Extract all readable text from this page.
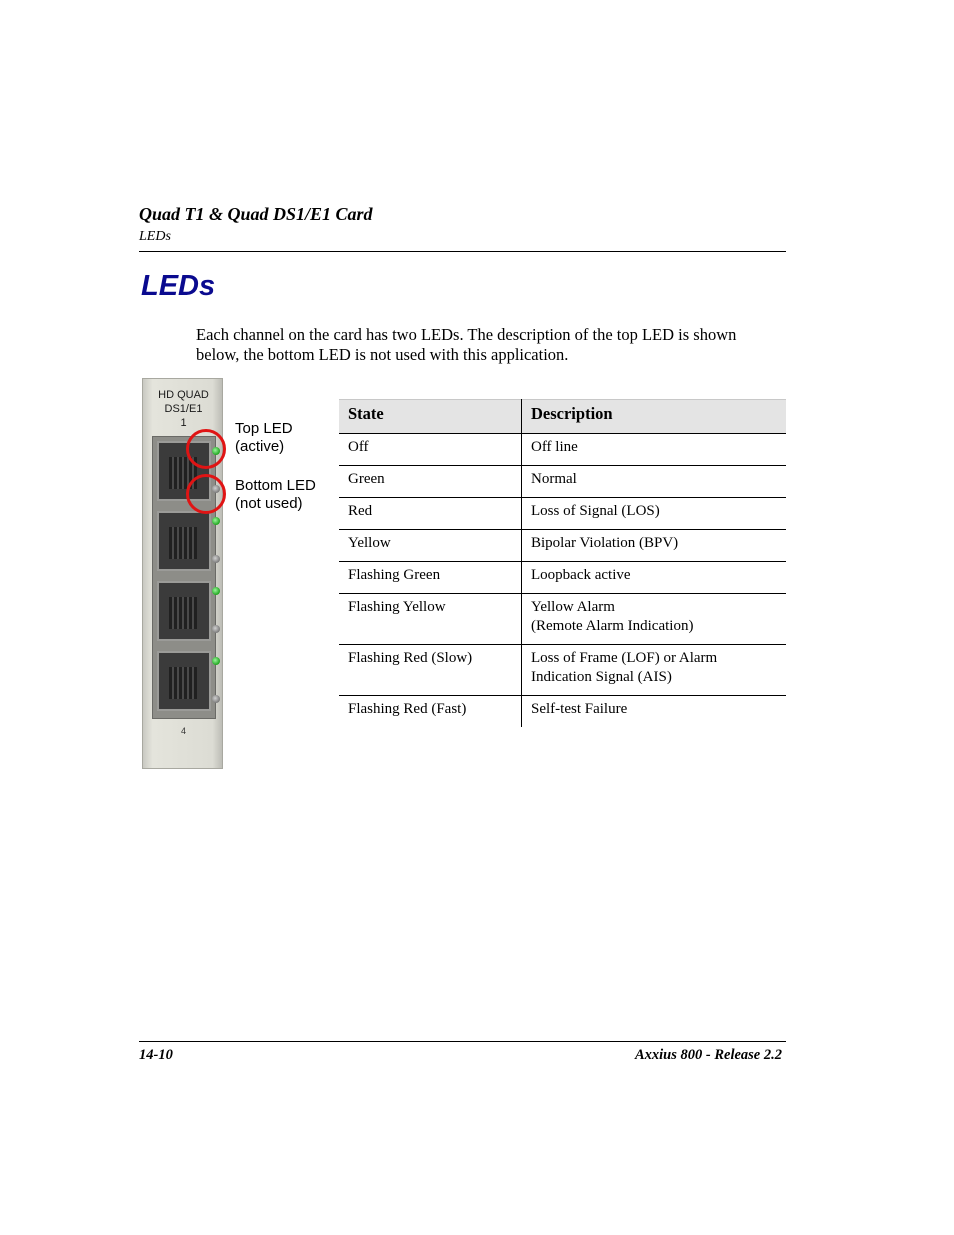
Quad T1 & Quad DS1/E1 Card
LEDs
LEDs

Each channel on the card has two LEDs. The description of the top LED is shown below, the bottom LED is not used with this application.

HD QUAD
DS1/E1
1
4
Top LED
(active)
Bottom LED
(not used)
State	Description
Off	Off line
Green	Normal
Red	Loss of Signal (LOS)
Yellow	Bipolar Violation (BPV)
Flashing Green	Loopback active
Flashing Yellow	Yellow Alarm
(Remote Alarm Indication)
Flashing Red (Slow)	Loss of Frame (LOF) or Alarm
Indication Signal (AIS)
Flashing Red (Fast)	Self-test Failure
14-10	Axxius 800 - Release 2.2
